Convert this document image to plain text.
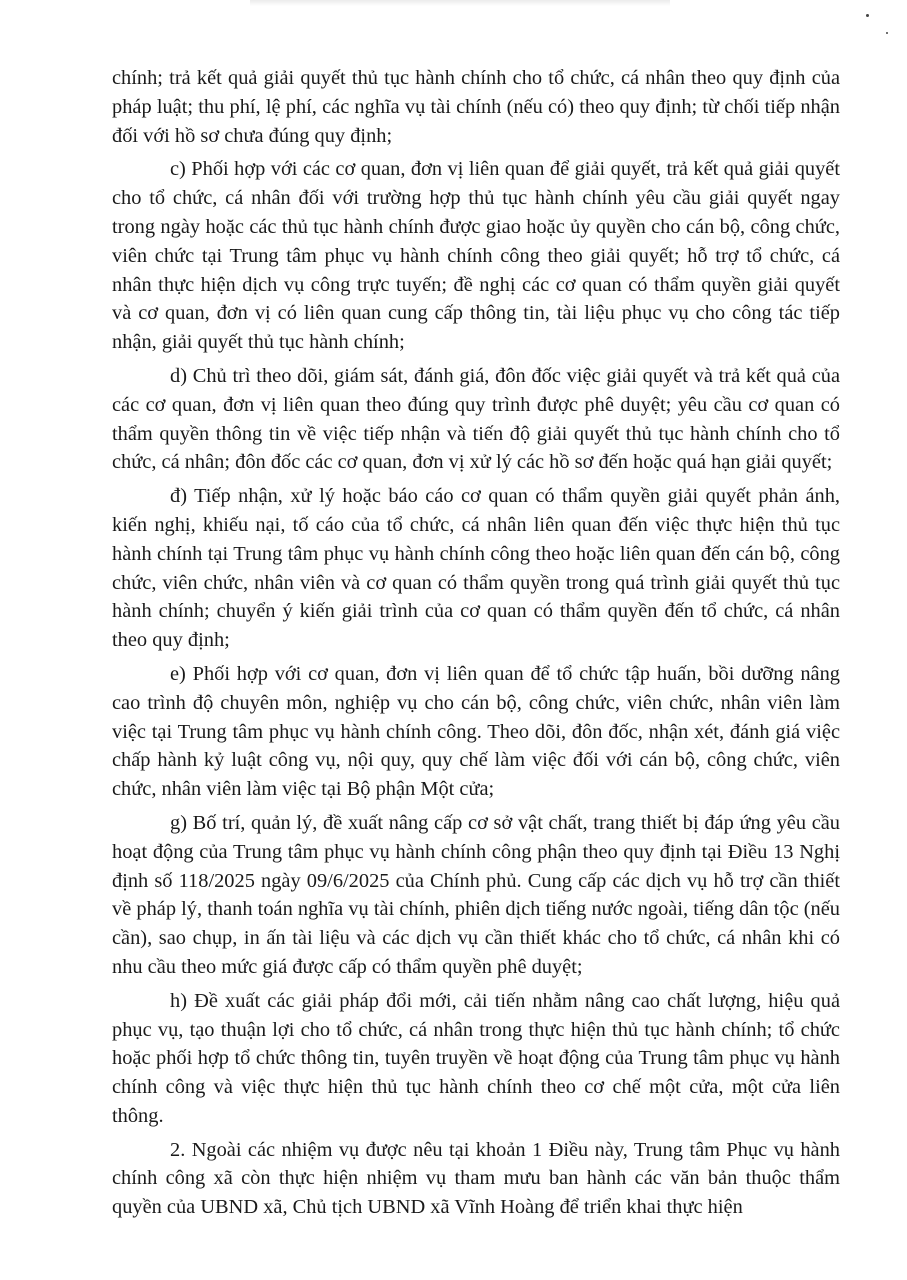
chính; trả kết quả giải quyết thủ tục hành chính cho tổ chức, cá nhân theo quy định của pháp luật; thu phí, lệ phí, các nghĩa vụ tài chính (nếu có) theo quy định; từ chối tiếp nhận đối với hồ sơ chưa đúng quy định;

c) Phối hợp với các cơ quan, đơn vị liên quan để giải quyết, trả kết quả giải quyết cho tổ chức, cá nhân đối với trường hợp thủ tục hành chính yêu cầu giải quyết ngay trong ngày hoặc các thủ tục hành chính được giao hoặc ủy quyền cho cán bộ, công chức, viên chức tại Trung tâm phục vụ hành chính công theo giải quyết; hỗ trợ tổ chức, cá nhân thực hiện dịch vụ công trực tuyến; đề nghị các cơ quan có thẩm quyền giải quyết và cơ quan, đơn vị có liên quan cung cấp thông tin, tài liệu phục vụ cho công tác tiếp nhận, giải quyết thủ tục hành chính;

d) Chủ trì theo dõi, giám sát, đánh giá, đôn đốc việc giải quyết và trả kết quả của các cơ quan, đơn vị liên quan theo đúng quy trình được phê duyệt; yêu cầu cơ quan có thẩm quyền thông tin về việc tiếp nhận và tiến độ giải quyết thủ tục hành chính cho tổ chức, cá nhân; đôn đốc các cơ quan, đơn vị xử lý các hồ sơ đến hoặc quá hạn giải quyết;

đ) Tiếp nhận, xử lý hoặc báo cáo cơ quan có thẩm quyền giải quyết phản ánh, kiến nghị, khiếu nại, tố cáo của tổ chức, cá nhân liên quan đến việc thực hiện thủ tục hành chính tại Trung tâm phục vụ hành chính công theo hoặc liên quan đến cán bộ, công chức, viên chức, nhân viên và cơ quan có thẩm quyền trong quá trình giải quyết thủ tục hành chính; chuyển ý kiến giải trình của cơ quan có thẩm quyền đến tổ chức, cá nhân theo quy định;

e) Phối hợp với cơ quan, đơn vị liên quan để tổ chức tập huấn, bồi dưỡng nâng cao trình độ chuyên môn, nghiệp vụ cho cán bộ, công chức, viên chức, nhân viên làm việc tại Trung tâm phục vụ hành chính công. Theo dõi, đôn đốc, nhận xét, đánh giá việc chấp hành kỷ luật công vụ, nội quy, quy chế làm việc đối với cán bộ, công chức, viên chức, nhân viên làm việc tại Bộ phận Một cửa;

g) Bố trí, quản lý, đề xuất nâng cấp cơ sở vật chất, trang thiết bị đáp ứng yêu cầu hoạt động của Trung tâm phục vụ hành chính công phận theo quy định tại Điều 13 Nghị định số 118/2025 ngày 09/6/2025 của Chính phủ. Cung cấp các dịch vụ hỗ trợ cần thiết về pháp lý, thanh toán nghĩa vụ tài chính, phiên dịch tiếng nước ngoài, tiếng dân tộc (nếu cần), sao chụp, in ấn tài liệu và các dịch vụ cần thiết khác cho tổ chức, cá nhân khi có nhu cầu theo mức giá được cấp có thẩm quyền phê duyệt;

h) Đề xuất các giải pháp đổi mới, cải tiến nhằm nâng cao chất lượng, hiệu quả phục vụ, tạo thuận lợi cho tổ chức, cá nhân trong thực hiện thủ tục hành chính; tổ chức hoặc phối hợp tổ chức thông tin, tuyên truyền về hoạt động của Trung tâm phục vụ hành chính công và việc thực hiện thủ tục hành chính theo cơ chế một cửa, một cửa liên thông.

2. Ngoài các nhiệm vụ được nêu tại khoản 1 Điều này, Trung tâm Phục vụ hành chính công xã còn thực hiện nhiệm vụ tham mưu ban hành các văn bản thuộc thẩm quyền của UBND xã, Chủ tịch UBND xã Vĩnh Hoàng để triển khai thực hiện
